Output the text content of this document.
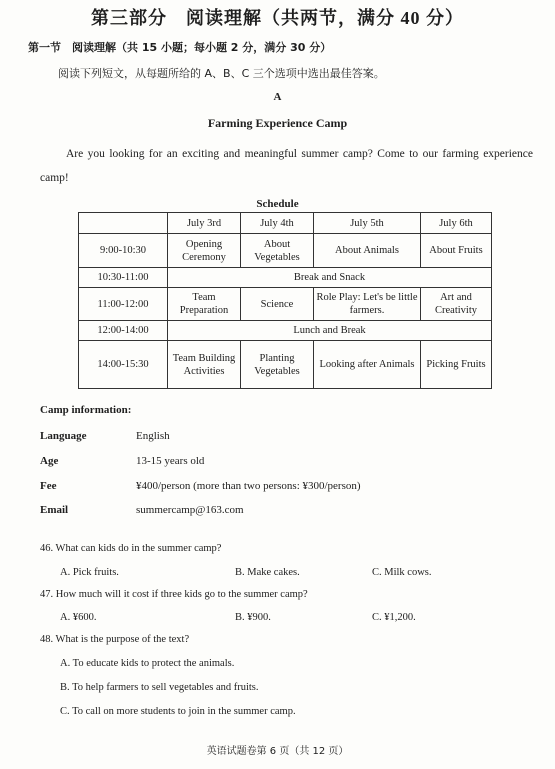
第三部分　阅读理解（共两节，满分 40 分）
第一节　阅读理解（共 15 小题；每小题 2 分，满分 30 分）
阅读下列短文，从每题所给的 A、B、C 三个选项中选出最佳答案。
A
Farming Experience Camp
Are you looking for an exciting and meaningful summer camp? Come to our farming experience camp!
Schedule
	July 3rd	July 4th	July 5th	July 6th
9:00-10:30	Opening Ceremony	About Vegetables	About Animals	About Fruits
10:30-11:00	Break and Snack			
11:00-12:00	Team Preparation	Science	Role Play: Let's be little farmers.	Art and Creativity
12:00-14:00	Lunch and Break			
14:00-15:30	Team Building Activities	Planting Vegetables	Looking after Animals	Picking Fruits
Camp information:
Language	English
Age	13-15 years old
Fee	¥400/person (more than two persons: ¥300/person)
Email	summercamp@163.com
46. What can kids do in the summer camp?
A. Pick fruits.	B. Make cakes.	C. Milk cows.
47. How much will it cost if three kids go to the summer camp?
A. ¥600.	B. ¥900.	C. ¥1,200.
48. What is the purpose of the text?
A. To educate kids to protect the animals.
B. To help farmers to sell vegetables and fruits.
C. To call on more students to join in the summer camp.
英语试题卷第 6 页（共 12 页）
